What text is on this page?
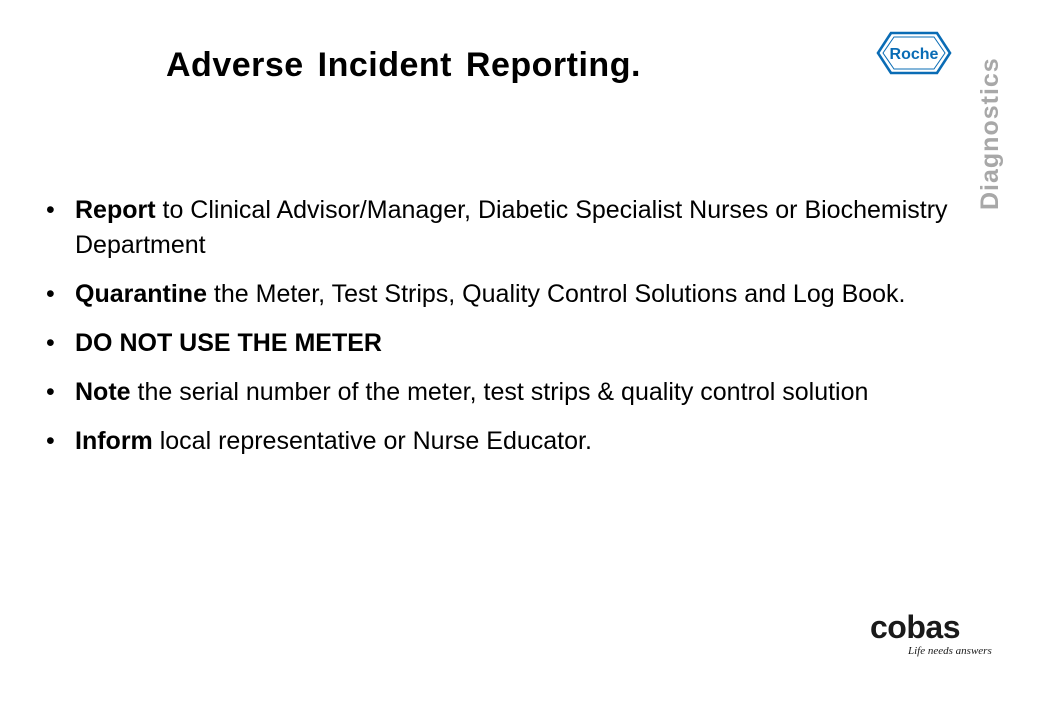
Adverse Incident Reporting.	Roche
Diagnostics
• Report to Clinical Advisor/Manager, Diabetic Specialist Nurses or Biochemistry Department
• Quarantine the Meter, Test Strips, Quality Control Solutions and Log Book.
• DO NOT USE THE METER
• Note the serial number of the meter, test strips & quality control solution
• Inform local representative or Nurse Educator.
cobas
Life needs answers
